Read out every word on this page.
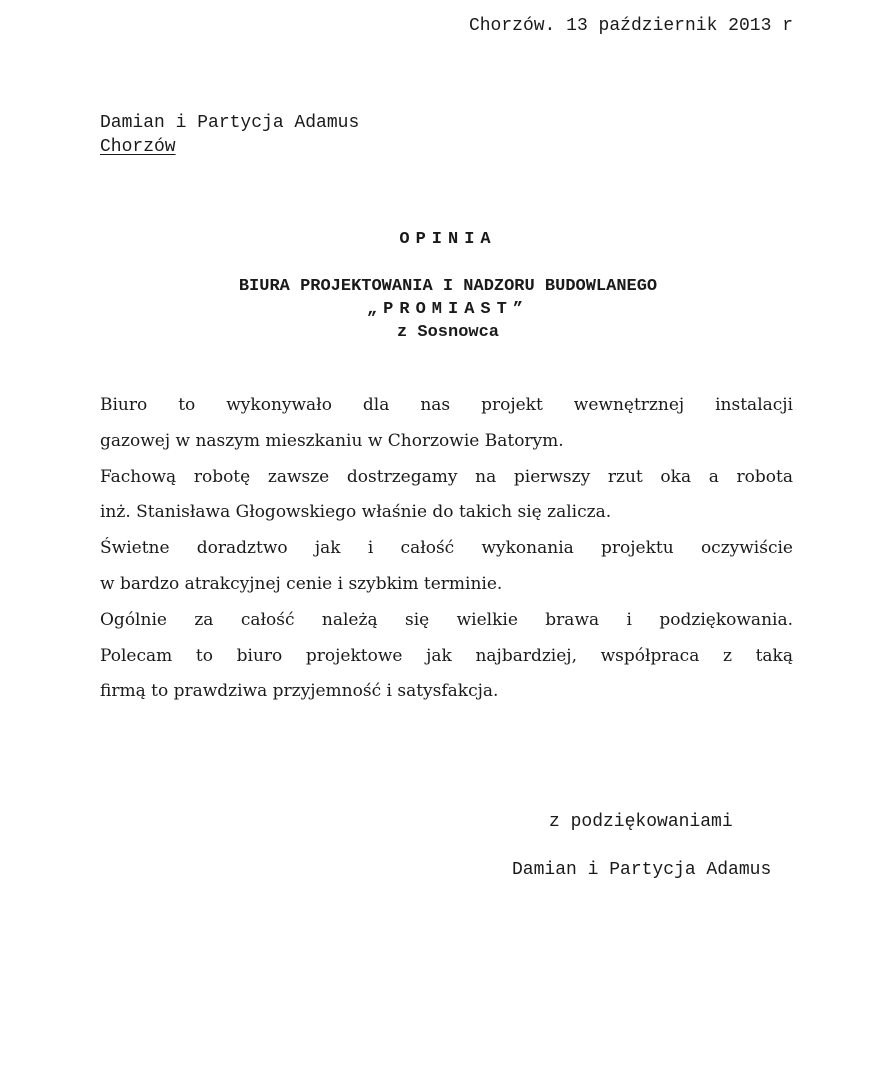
Chorzów. 13 październik 2013 r
Damian i Partycja Adamus
Chorzów
OPINIA
BIURA PROJEKTOWANIA I NADZORU BUDOWLANEGO
„PROMIAST”
z Sosnowca
Biuro to wykonywało dla nas projekt wewnętrznej instalacji
gazowej w naszym mieszkaniu w Chorzowie Batorym.
Fachową robotę zawsze dostrzegamy na pierwszy rzut oka a robota
inż. Stanisława Głogowskiego właśnie do takich się zalicza.
Świetne doradztwo jak i całość wykonania projektu oczywiście
w bardzo atrakcyjnej cenie i szybkim terminie.
Ogólnie za całość należą się wielkie brawa i podziękowania.
Polecam to biuro projektowe jak najbardziej, współpraca z taką
firmą to prawdziwa przyjemność i satysfakcja.
z podziękowaniami
Damian i Partycja Adamus
